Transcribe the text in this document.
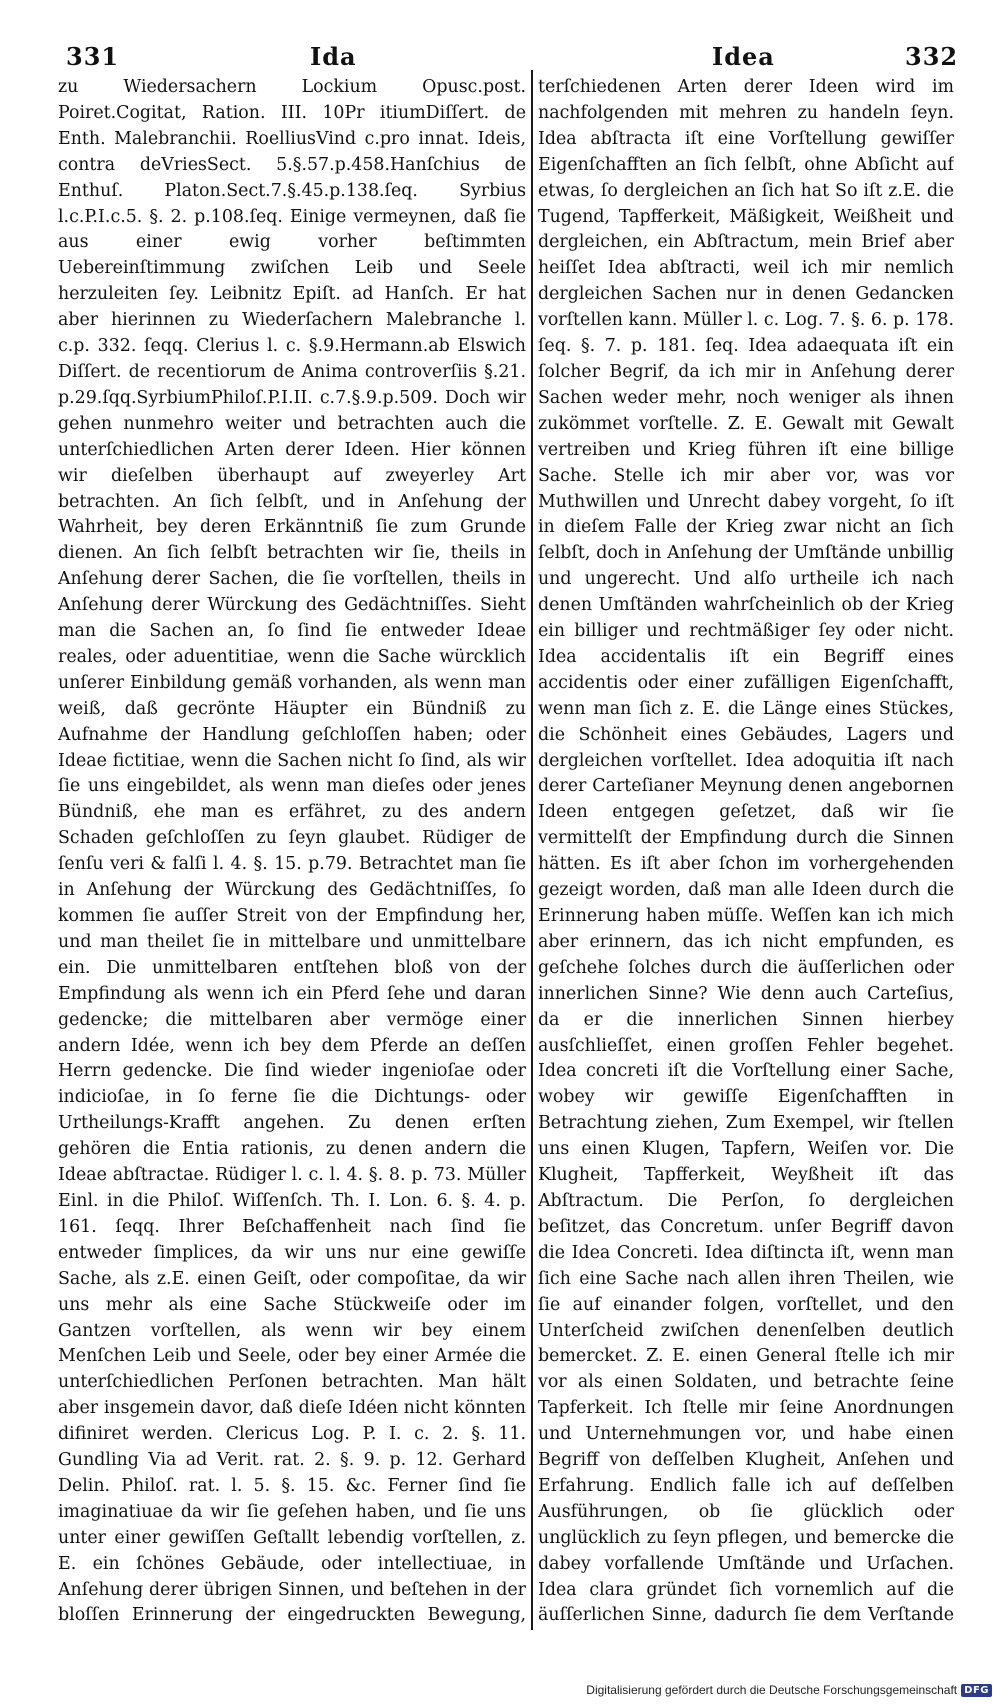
331	Ida	Idea	332

zu Wiedersachern Lockium Opusc.post. Poiret.Cogitat, Ration. III. 10Pr itiumDiſſert. de Enth. Malebranchii. RoelliusVind c.pro innat. Ideis, contra deVriesSect. 5.§.57.p.458.Hanſchius de Enthuſ. Platon.Sect.7.§.45.p.138.ſeq. Syrbius l.c.P.I.c.5. §. 2. p.108.ſeq. Einige vermeynen, daß ſie aus einer ewig vorher beſtimmten Uebereinſtimmung zwiſchen Leib und Seele herzuleiten ſey. Leibnitz Epiſt. ad Hanſch. Er hat aber hierinnen zu Wiederſachern Malebranche l. c.p. 332. ſeqq. Clerius l. c. §.9.Hermann.ab Elswich Diſſert. de recentiorum de Anima controverſiis §.21. p.29.ſqq.SyrbiumPhiloſ.P.I.II. c.7.§.9.p.509. Doch wir gehen nunmehro weiter und betrachten auch die unterſchiedlichen Arten derer Ideen. Hier können wir dieſelben überhaupt auf zweyerley Art betrachten. An ſich ſelbſt, und in Anſehung der Wahrheit, bey deren Erkänntniß ſie zum Grunde dienen. An ſich ſelbſt betrachten wir ſie, theils in Anſehung derer Sachen, die ſie vorſtellen, theils in Anſehung derer Würckung des Gedächtniſſes. Sieht man die Sachen an, ſo ſind ſie entweder Ideae reales, oder aduentitiae, wenn die Sache würcklich unſerer Einbildung gemäß vorhanden, als wenn man weiß, daß gecrönte Häupter ein Bündniß zu Aufnahme der Handlung geſchloſſen haben; oder Ideae fictitiae, wenn die Sachen nicht ſo ſind, als wir ſie uns eingebildet, als wenn man dieſes oder jenes Bündniß, ehe man es erfähret, zu des andern Schaden geſchloſſen zu ſeyn glaubet. Rüdiger de ſenſu veri & falſi l. 4. §. 15. p.79. Betrachtet man ſie in Anſehung der Würckung des Gedächtniſſes, ſo kommen ſie auſſer Streit von der Empfindung her, und man theilet ſie in mittelbare und unmittelbare ein. Die unmittelbaren entſtehen bloß von der Empfindung als wenn ich ein Pferd ſehe und daran gedencke; die mittelbaren aber vermöge einer andern Idée, wenn ich bey dem Pferde an deſſen Herrn gedencke. Die ſind wieder ingenioſae oder indicioſae, in ſo ferne ſie die Dichtungs- oder Urtheilungs-Krafft angehen. Zu denen erſten gehören die Entia rationis, zu denen andern die Ideae abſtractae. Rüdiger l. c. l. 4. §. 8. p. 73. Müller Einl. in die Philoſ. Wiſſenſch. Th. I. Lon. 6. §. 4. p. 161. ſeqq. Ihrer Beſchaffenheit nach ſind ſie entweder ſimplices, da wir uns nur eine gewiſſe Sache, als z.E. einen Geiſt, oder compoſitae, da wir uns mehr als eine Sache Stückweiſe oder im Gantzen vorſtellen, als wenn wir bey einem Menſchen Leib und Seele, oder bey einer Armée die unterſchiedlichen Perſonen betrachten. Man hält aber insgemein davor, daß dieſe Idéen nicht könnten difiniret werden. Clericus Log. P. I. c. 2. §. 11. Gundling Via ad Verit. rat. 2. §. 9. p. 12. Gerhard Delin. Philoſ. rat. l. 5. §. 15. &c. Ferner ſind ſie imaginatiuae da wir ſie geſehen haben, und ſie uns unter einer gewiſſen Geſtallt lebendig vorſtellen, z. E. ein ſchönes Gebäude, oder intellectiuae, in Anſehung derer übrigen Sinnen, und beſtehen in der bloſſen Erinnerung der eingedruckten Bewegung,

terſchiedenen Arten derer Ideen wird im nachfolgenden mit mehren zu handeln ſeyn. Idea abſtracta iſt eine Vorſtellung gewiſſer Eigenſchafften an ſich ſelbſt, ohne Abſicht auf etwas, ſo dergleichen an ſich hat So iſt z.E. die Tugend, Tapfferkeit, Mäßigkeit, Weißheit und dergleichen, ein Abſtractum, mein Brief aber heiſſet Idea abſtracti, weil ich mir nemlich dergleichen Sachen nur in denen Gedancken vorſtellen kann. Müller l. c. Log. 7. §. 6. p. 178. ſeq. §. 7. p. 181. ſeq. Idea adaequata iſt ein ſolcher Begrif, da ich mir in Anſehung derer Sachen weder mehr, noch weniger als ihnen zukömmet vorſtelle. Z. E. Gewalt mit Gewalt vertreiben und Krieg führen iſt eine billige Sache. Stelle ich mir aber vor, was vor Muthwillen und Unrecht dabey vorgeht, ſo iſt in dieſem Falle der Krieg zwar nicht an ſich ſelbſt, doch in Anſehung der Umſtände unbillig und ungerecht. Und alſo urtheile ich nach denen Umſtänden wahrſcheinlich ob der Krieg ein billiger und rechtmäßiger ſey oder nicht. Idea accidentalis iſt ein Begriff eines accidentis oder einer zufälligen Eigenſchafft, wenn man ſich z. E. die Länge eines Stückes, die Schönheit eines Gebäudes, Lagers und dergleichen vorſtellet. Idea adoquitia iſt nach derer Carteſianer Meynung denen angebornen Ideen entgegen geſetzet, daß wir ſie vermittelſt der Empfindung durch die Sinnen hätten. Es iſt aber ſchon im vorhergehenden gezeigt worden, daß man alle Ideen durch die Erinnerung haben müſſe. Weſſen kan ich mich aber erinnern, das ich nicht empfunden, es geſchehe ſolches durch die äuſſerlichen oder innerlichen Sinne? Wie denn auch Carteſius, da er die innerlichen Sinnen hierbey ausſchlieſſet, einen groſſen Fehler begehet. Idea concreti iſt die Vorſtellung einer Sache, wobey wir gewiſſe Eigenſchafften in Betrachtung ziehen, Zum Exempel, wir ſtellen uns einen Klugen, Tapfern, Weiſen vor. Die Klugheit, Tapfferkeit, Weyßheit iſt das Abſtractum. Die Perſon, ſo dergleichen beſitzet, das Concretum. unſer Begriff davon die Idea Concreti. Idea diſtincta iſt, wenn man ſich eine Sache nach allen ihren Theilen, wie ſie auf einander folgen, vorſtellet, und den Unterſcheid zwiſchen denenſelben deutlich bemercket. Z. E. einen General ſtelle ich mir vor als einen Soldaten, und betrachte ſeine Tapferkeit. Ich ſtelle mir ſeine Anordnungen und Unternehmungen vor, und habe einen Begriff von deſſelben Klugheit, Anſehen und Erfahrung. Endlich falle ich auf deſſelben Ausführungen, ob ſie glücklich oder unglücklich zu ſeyn pflegen, und bemercke die dabey vorfallende Umſtände und Urſachen. Idea clara gründet ſich vornemlich auf die äuſſerlichen Sinne, dadurch ſie dem Verſtande

Digitalisierung gefördert durch die Deutsche Forschungsgemeinschaft DFG
